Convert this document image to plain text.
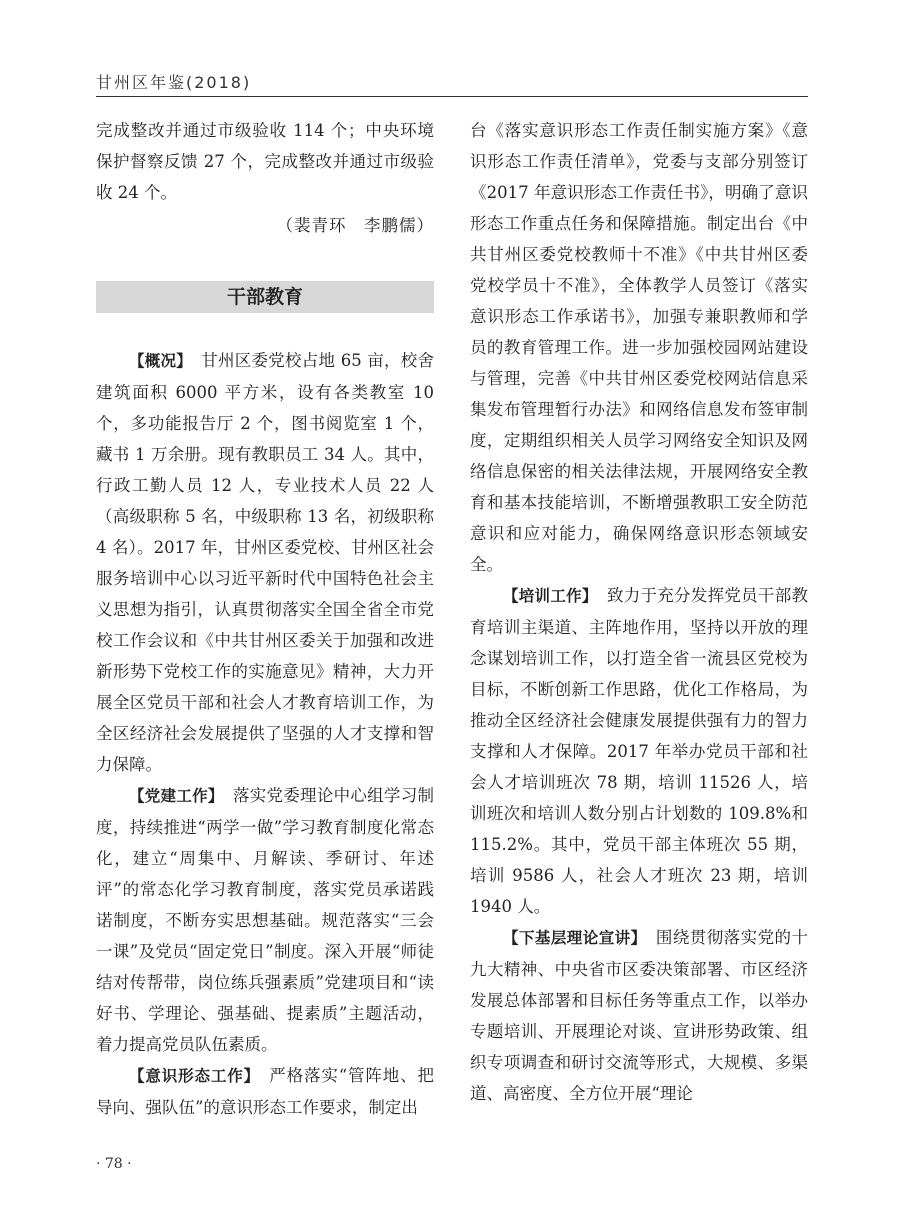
甘州区年鉴(2018)

完成整改并通过市级验收 114 个；中央环境保护督察反馈 27 个，完成整改并通过市级验收 24 个。

（裴青环　李鹏儒）

干部教育

【概况】 甘州区委党校占地 65 亩，校舍建筑面积 6000 平方米，设有各类教室 10 个，多功能报告厅 2 个，图书阅览室 1 个，藏书 1 万余册。现有教职员工 34 人。其中，行政工勤人员 12 人，专业技术人员 22 人（高级职称 5 名，中级职称 13 名，初级职称 4 名）。2017 年，甘州区委党校、甘州区社会服务培训中心以习近平新时代中国特色社会主义思想为指引，认真贯彻落实全国全省全市党校工作会议和《中共甘州区委关于加强和改进新形势下党校工作的实施意见》精神，大力开展全区党员干部和社会人才教育培训工作，为全区经济社会发展提供了坚强的人才支撑和智力保障。

【党建工作】 落实党委理论中心组学习制度，持续推进“两学一做”学习教育制度化常态化，建立“周集中、月解读、季研讨、年述评”的常态化学习教育制度，落实党员承诺践诺制度，不断夯实思想基础。规范落实“三会一课”及党员“固定党日”制度。深入开展“师徒结对传帮带，岗位练兵强素质”党建项目和“读好书、学理论、强基础、提素质”主题活动，着力提高党员队伍素质。

【意识形态工作】 严格落实“管阵地、把导向、强队伍”的意识形态工作要求，制定出

台《落实意识形态工作责任制实施方案》《意识形态工作责任清单》，党委与支部分别签订《2017 年意识形态工作责任书》，明确了意识形态工作重点任务和保障措施。制定出台《中共甘州区委党校教师十不准》《中共甘州区委党校学员十不准》，全体教学人员签订《落实意识形态工作承诺书》，加强专兼职教师和学员的教育管理工作。进一步加强校园网站建设与管理，完善《中共甘州区委党校网站信息采集发布管理暂行办法》和网络信息发布签审制度，定期组织相关人员学习网络安全知识及网络信息保密的相关法律法规，开展网络安全教育和基本技能培训，不断增强教职工安全防范意识和应对能力，确保网络意识形态领域安全。

【培训工作】 致力于充分发挥党员干部教育培训主渠道、主阵地作用，坚持以开放的理念谋划培训工作，以打造全省一流县区党校为目标，不断创新工作思路，优化工作格局，为推动全区经济社会健康发展提供强有力的智力支撑和人才保障。2017 年举办党员干部和社会人才培训班次 78 期，培训 11526 人，培训班次和培训人数分别占计划数的 109.8%和 115.2%。其中，党员干部主体班次 55 期，培训 9586 人，社会人才班次 23 期，培训 1940 人。

【下基层理论宣讲】 围绕贯彻落实党的十九大精神、中央省市区委决策部署、市区经济发展总体部署和目标任务等重点工作，以举办专题培训、开展理论对谈、宣讲形势政策、组织专项调查和研讨交流等形式，大规模、多渠道、高密度、全方位开展“理论

· 78 ·
